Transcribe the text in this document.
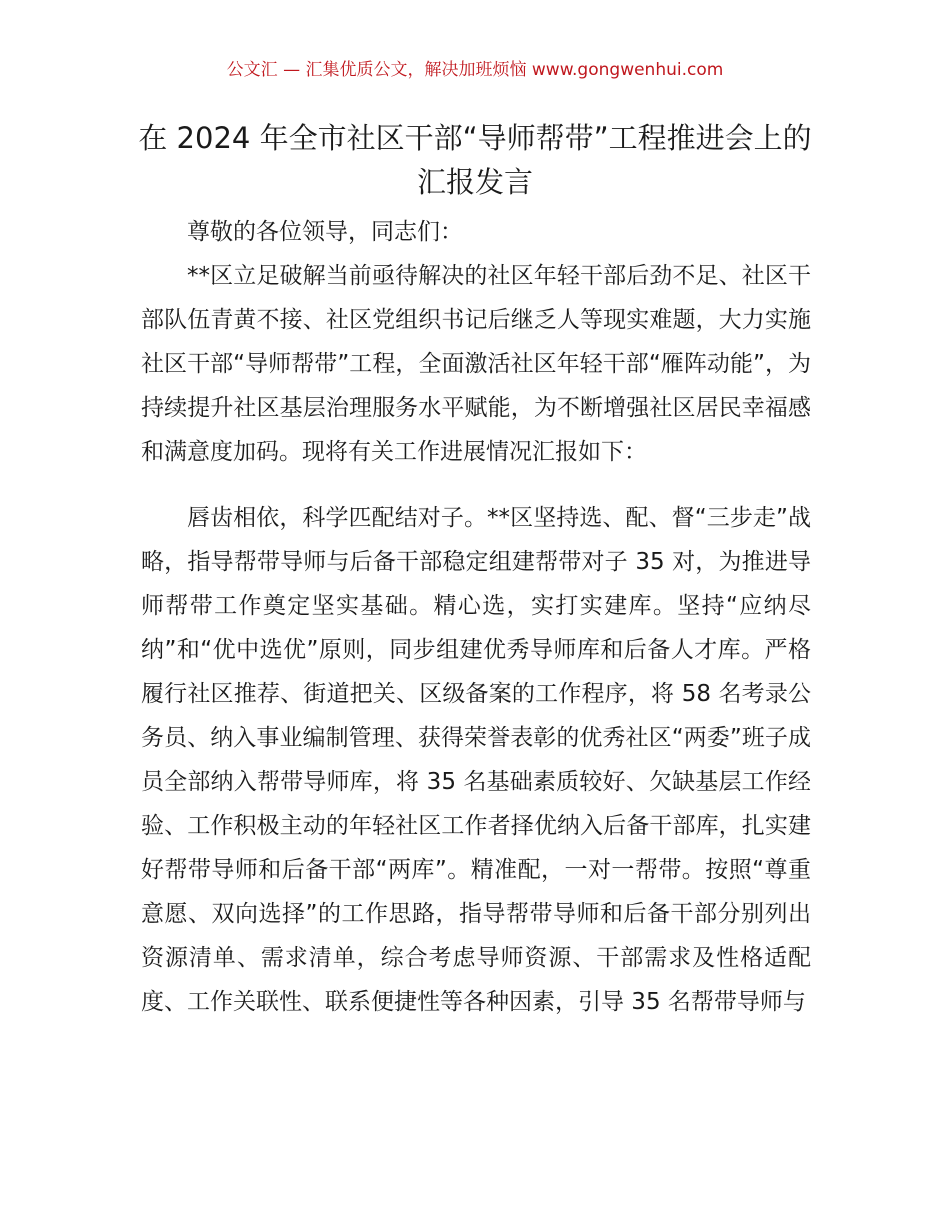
公文汇 — 汇集优质公文，解决加班烦恼 www.gongwenhui.com
在 2024 年全市社区干部“导师帮带”工程推进会上的汇报发言

尊敬的各位领导，同志们：

**区立足破解当前亟待解决的社区年轻干部后劲不足、社区干部队伍青黄不接、社区党组织书记后继乏人等现实难题，大力实施社区干部“导师帮带”工程，全面激活社区年轻干部“雁阵动能”，为持续提升社区基层治理服务水平赋能，为不断增强社区居民幸福感和满意度加码。现将有关工作进展情况汇报如下：

唇齿相依，科学匹配结对子。**区坚持选、配、督“三步走”战略，指导帮带导师与后备干部稳定组建帮带对子 35 对，为推进导师帮带工作奠定坚实基础。精心选，实打实建库。坚持“应纳尽纳”和“优中选优”原则，同步组建优秀导师库和后备人才库。严格履行社区推荐、街道把关、区级备案的工作程序，将 58 名考录公务员、纳入事业编制管理、获得荣誉表彰的优秀社区“两委”班子成员全部纳入帮带导师库，将 35 名基础素质较好、欠缺基层工作经验、工作积极主动的年轻社区工作者择优纳入后备干部库，扎实建好帮带导师和后备干部“两库”。精准配，一对一帮带。按照“尊重意愿、双向选择”的工作思路，指导帮带导师和后备干部分别列出资源清单、需求清单，综合考虑导师资源、干部需求及性格适配度、工作关联性、联系便捷性等各种因素，引导 35 名帮带导师与
